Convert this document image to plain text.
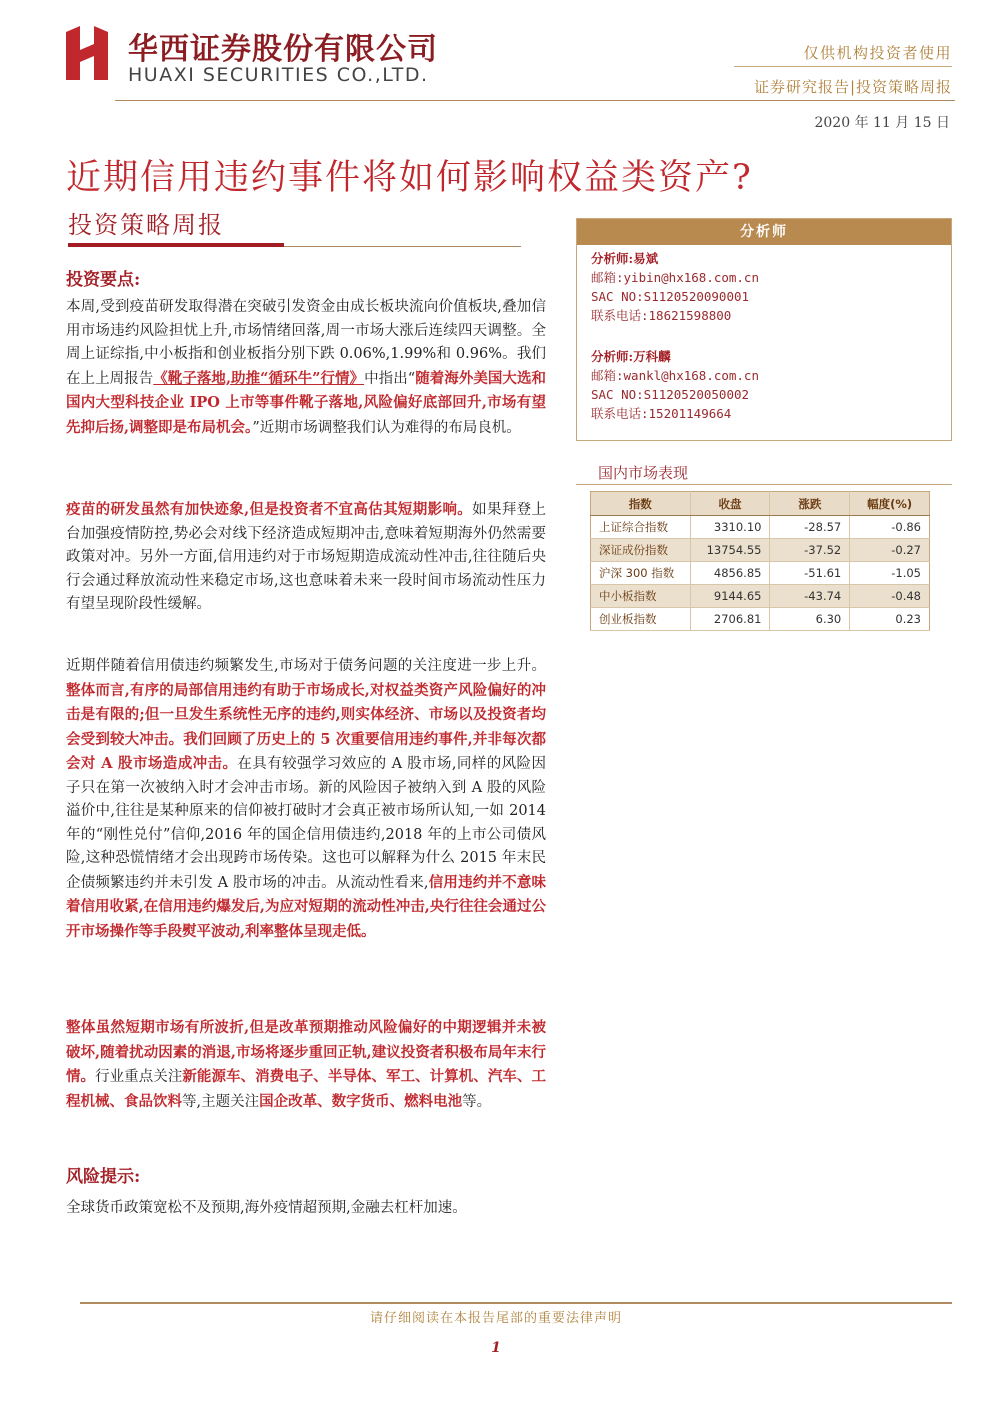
华西证券股份有限公司
HUAXI SECURITIES CO.,LTD.
仅供机构投资者使用
证券研究报告|投资策略周报
2020 年 11 月 15 日
近期信用违约事件将如何影响权益类资产?
投资策略周报
投资要点:
本周,受到疫苗研发取得潜在突破引发资金由成长板块流向价值板块,叠加信用市场违约风险担忧上升,市场情绪回落,周一市场大涨后连续四天调整。全周上证综指,中小板指和创业板指分别下跌 0.06%,1.99%和 0.96%。我们在上上周报告《靴子落地,助推“循环牛”行情》中指出“随着海外美国大选和国内大型科技企业 IPO 上市等事件靴子落地,风险偏好底部回升,市场有望先抑后扬,调整即是布局机会。”近期市场调整我们认为难得的布局良机。
疫苗的研发虽然有加快迹象,但是投资者不宜高估其短期影响。如果拜登上台加强疫情防控,势必会对线下经济造成短期冲击,意味着短期海外仍然需要政策对冲。另外一方面,信用违约对于市场短期造成流动性冲击,往往随后央行会通过释放流动性来稳定市场,这也意味着未来一段时间市场流动性压力有望呈现阶段性缓解。
近期伴随着信用债违约频繁发生,市场对于债务问题的关注度进一步上升。整体而言,有序的局部信用违约有助于市场成长,对权益类资产风险偏好的冲击是有限的;但一旦发生系统性无序的违约,则实体经济、市场以及投资者均会受到较大冲击。我们回顾了历史上的 5 次重要信用违约事件,并非每次都会对 A 股市场造成冲击。在具有较强学习效应的 A 股市场,同样的风险因子只在第一次被纳入时才会冲击市场。新的风险因子被纳入到 A 股的风险溢价中,往往是某种原来的信仰被打破时才会真正被市场所认知,一如 2014 年的“刚性兑付”信仰,2016 年的国企信用债违约,2018 年的上市公司债风险,这种恐慌情绪才会出现跨市场传染。这也可以解释为什么 2015 年末民企债频繁违约并未引发 A 股市场的冲击。从流动性看来,信用违约并不意味着信用收紧,在信用违约爆发后,为应对短期的流动性冲击,央行往往会通过公开市场操作等手段熨平波动,利率整体呈现走低。
整体虽然短期市场有所波折,但是改革预期推动风险偏好的中期逻辑并未被破坏,随着扰动因素的消退,市场将逐步重回正轨,建议投资者积极布局年末行情。行业重点关注新能源车、消费电子、半导体、军工、计算机、汽车、工程机械、食品饮料等,主题关注国企改革、数字货币、燃料电池等。
风险提示:
全球货币政策宽松不及预期,海外疫情超预期,金融去杠杆加速。
分析师
分析师:易斌
邮箱:yibin@hx168.com.cn
SAC NO:S1120520090001
联系电话:18621598800
分析师:万科麟
邮箱:wankl@hx168.com.cn
SAC NO:S1120520050002
联系电话:15201149664
国内市场表现
指数	收盘	涨跌	幅度(%)
上证综合指数	3310.10	-28.57	-0.86
深证成份指数	13754.55	-37.52	-0.27
沪深 300 指数	4856.85	-51.61	-1.05
中小板指数	9144.65	-43.74	-0.48
创业板指数	2706.81	6.30	0.23
请仔细阅读在本报告尾部的重要法律声明
1
